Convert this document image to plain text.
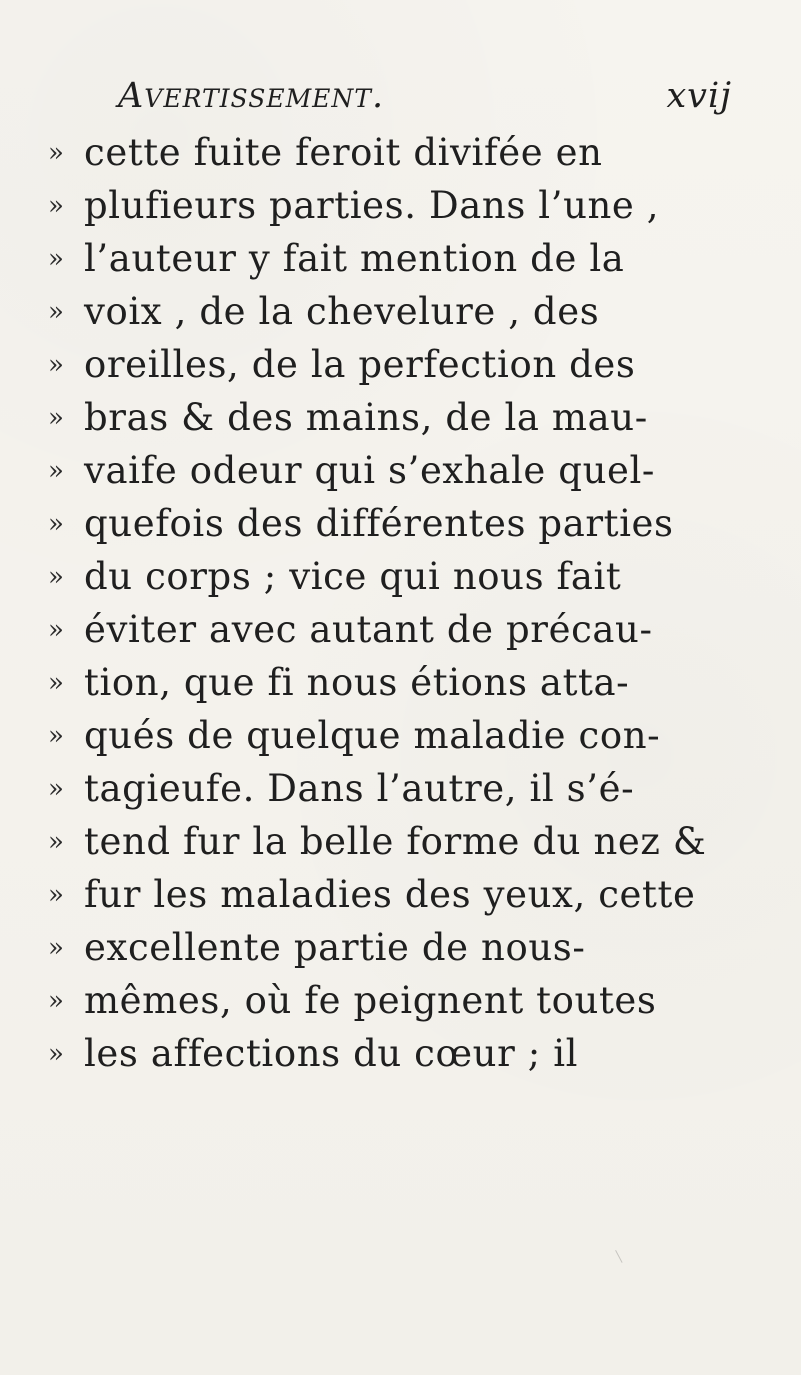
Avertissement.	xvij
» cette fuite feroit divifée en
» plufieurs parties. Dans l’une ,
» l’auteur y fait mention de la
» voix , de la chevelure , des
» oreilles, de la perfection des
» bras & des mains, de la mau-
» vaife odeur qui s’exhale quel-
» quefois des différentes parties
» du corps ; vice qui nous fait
» éviter avec autant de précau-
» tion, que fi nous étions atta-
» qués de quelque maladie con-
» tagieufe. Dans l’autre, il s’é-
» tend fur la belle forme du nez &
» fur les maladies des yeux, cette
» excellente partie de nous-
» mêmes, où fe peignent toutes
» les affections du cœur ; il
